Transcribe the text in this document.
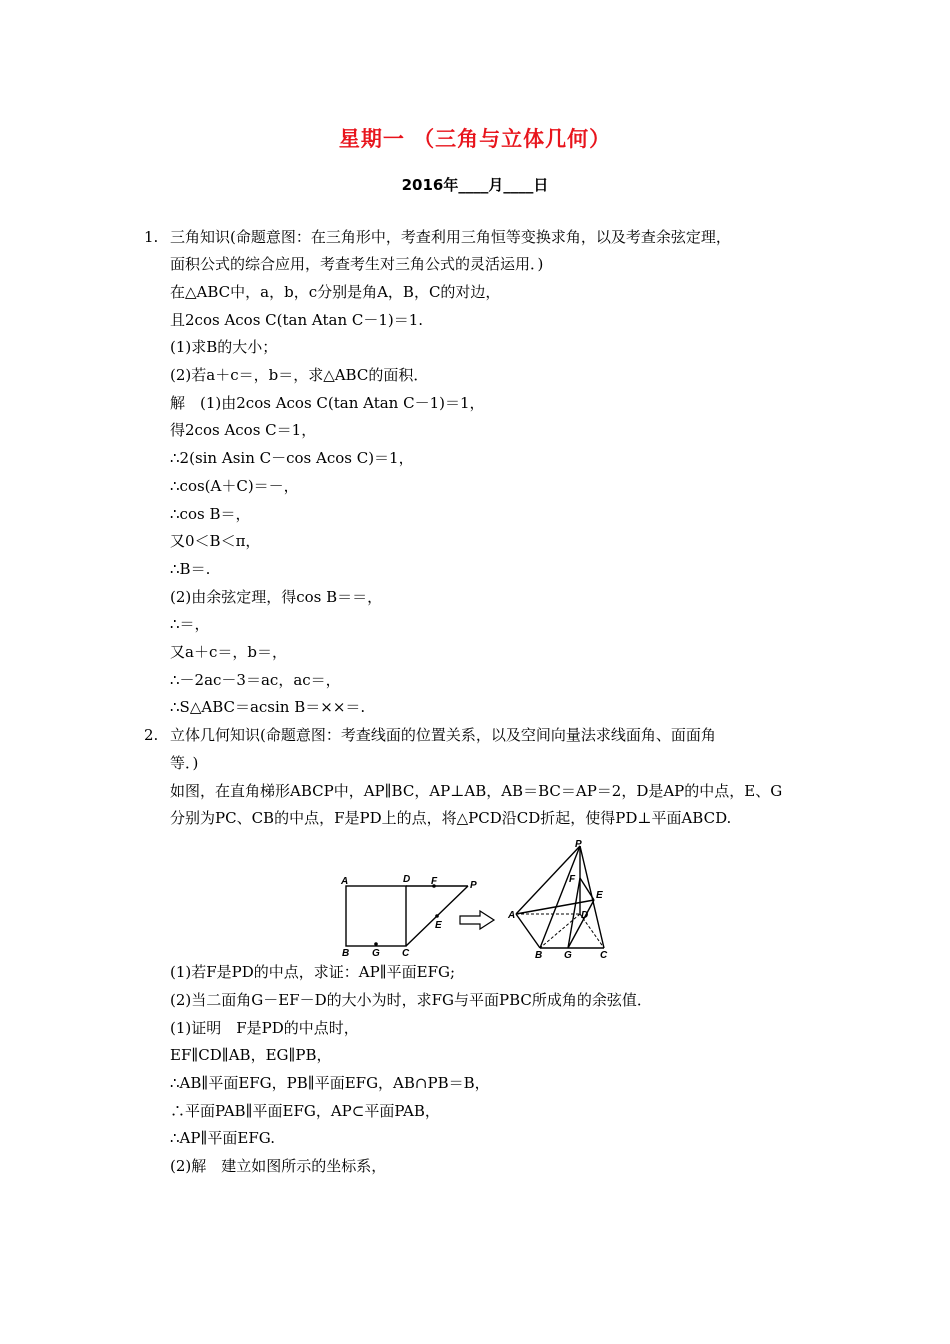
星期一 （三角与立体几何）
2016年____月____日
1. 三角知识(命题意图：在三角形中，考查利用三角恒等变换求角，以及考查余弦定理，
面积公式的综合应用，考查考生对三角公式的灵活运用．)
在△ABC中，a，b，c分别是角A，B，C的对边，
且2cos Acos C(tan Atan C－1)＝1.
(1)求B的大小；
(2)若a＋c＝，b＝，求△ABC的面积．
解　(1)由2cos Acos C(tan Atan C－1)＝1，
得2cos Acos C＝1，
∴2(sin Asin C－cos Acos C)＝1，
∴cos(A＋C)＝－，
∴cos B＝，
又0＜B＜π，
∴B＝.
(2)由余弦定理，得cos B＝＝，
∴＝，
又a＋c＝，b＝，
∴－2ac－3＝ac，ac＝，
∴S△ABC＝acsin B＝××＝.
2. 立体几何知识(命题意图：考查线面的位置关系，以及空间向量法求线面角、面面角
等．)
如图，在直角梯形ABCP中，AP∥BC，AP⊥AB，AB＝BC＝AP＝2，D是AP的中点，E、G
分别为PC、CB的中点，F是PD上的点，将△PCD沿CD折起，使得PD⊥平面ABCD.
A	D F	P
E
B G C
P
F
E
A	D
B G	C
(1)若F是PD的中点，求证：AP∥平面EFG;
(2)当二面角G－EF－D的大小为时，求FG与平面PBC所成角的余弦值．
(1)证明　F是PD的中点时，
EF∥CD∥AB，EG∥PB，
∴AB∥平面EFG，PB∥平面EFG，AB∩PB＝B，
∴平面PAB∥平面EFG，AP⊂平面PAB，
∴AP∥平面EFG.
(2)解　建立如图所示的坐标系，
